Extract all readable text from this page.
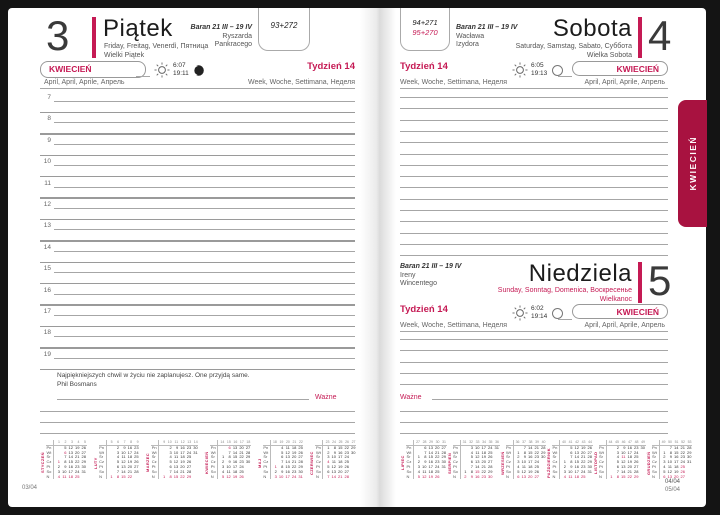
3 Piątek
Friday, Freitag, Venerdì, Пятница
Wielki Piątek
Baran 21 III – 19 IV
Ryszarda
Pankracego
93+272
KWIECIEŃ
April, April, Aprile, Апрель
6:07
19:11
Tydzień 14
Week, Woche, Settimana, Неделя
7
8
9
10
11
12
13
14
15
16
17
18
19
Najpiękniejszych chwil w życiu nie zaplanujesz. One przyjdą same.
Phil Bosmans
Ważne
STYCZEŃ
	1	2	3	4	5
Pn		5	12	19	26
Wt		6	13	20	27
Śr		7	14	21	28
Cz	1	8	15	22	29
Pt	2	9	16	23	30
So	3	10	17	24	31
N	4	11	18	25	
LUTY
	5	6	7	8	9
Pn		2	9	16	23
Wt		3	10	17	24
Śr		4	11	18	25
Cz		5	12	19	26
Pt		6	13	20	27
So		7	14	21	28
N	1	8	15	22	
MARZEC
	9	10	11	12	13	14
Pn		2	9	16	23	30
Wt		3	10	17	24	31
Śr		4	11	18	25	
Cz		5	12	19	26	
Pt		6	13	20	27	
So		7	14	21	28	
N	1	8	15	22	29	
KWIECIEŃ
	14	15	16	17	18
Pn		6	13	20	27
Wt		7	14	21	28
Śr	1	8	15	22	29
Cz	2	9	16	23	30
Pt	3	10	17	24	
So	4	11	18	25	
N	5	12	19	26	
MAJ
	18	19	20	21	22
Pn		4	11	18	25
Wt		5	12	19	26
Śr		6	13	20	27
Cz		7	14	21	28
Pt	1	8	15	22	29
So	2	9	16	23	30
N	3	10	17	24	31
CZERWIEC
	23	24	25	26	27
Pn	1	8	15	22	29
Wt	2	9	16	23	30
Śr	3	10	17	24	
Cz	4	11	18	25	
Pt	5	12	19	26	
So	6	13	20	27	
N	7	14	21	28	
03/04
94+271
95+270
Baran 21 III – 19 IV
Wacława
Izydora
Sobota
Saturday, Samstag, Sabato, Суббота
Wielka Sobota 4
Tydzień 14
Week, Woche, Settimana, Неделя
6:05
19:13	KWIECIEŃ
April, April, Aprile, Апрель
Baran 21 III – 19 IV
Ireny
Wincentego	Niedziela
Sunday, Sonntag, Domenica, Воскресенье
Wielkanoc 5
Tydzień 14
Week, Woche, Settimana, Неделя
6:02
19:14	KWIECIEŃ
April, April, Aprile, Апрель
Ważne
LIPIEC
	27	28	29	30	31
Pn		6	13	20	27
Wt		7	14	21	28
Śr	1	8	15	22	29
Cz	2	9	16	23	30
Pt	3	10	17	24	31
So	4	11	18	25	
N	5	12	19	26	
SIERPIEŃ
	31	32	33	34	35	36
Pn		3	10	17	24	31
Wt		4	11	18	25	
Śr		5	12	19	26	
Cz		6	13	20	27	
Pt		7	14	21	28	
So	1	8	15	22	29	
N	2	9	16	23	30	
WRZESIEŃ
	36	37	38	39	40
Pn		7	14	21	28
Wt	1	8	15	22	29
Śr	2	9	16	23	30
Cz	3	10	17	24	
Pt	4	11	18	25	
So	5	12	19	26	
N	6	13	20	27	PAŹDZIERNIK
	40	41	42	43	44
Pn		5	12	19	26
Wt		6	13	20	27
Śr		7	14	21	28
Cz	1	8	15	22	29
Pt	2	9	16	23	30
So	3	10	17	24	31
N	4	11	18	25	
LISTOPAD
	44	45	46	47	48	49
Pn		2	9	16	23	30
Wt		3	10	17	24	
Śr		4	11	18	25	
Cz		5	12	19	26	
Pt		6	13	20	27	
So		7	14	21	28	
N	1	8	15	22	29	
GRUDZIEŃ
	49	50	51	52	53
Pn		7	14	21	28
Wt	1	8	15	22	29
Śr	2	9	16	23	30
Cz	3	10	17	24	31
Pt	4	11	18	25	
So	5	12	19	26	
N	6	13	20	27	
04/04
05/04
KWIECIEŃ
